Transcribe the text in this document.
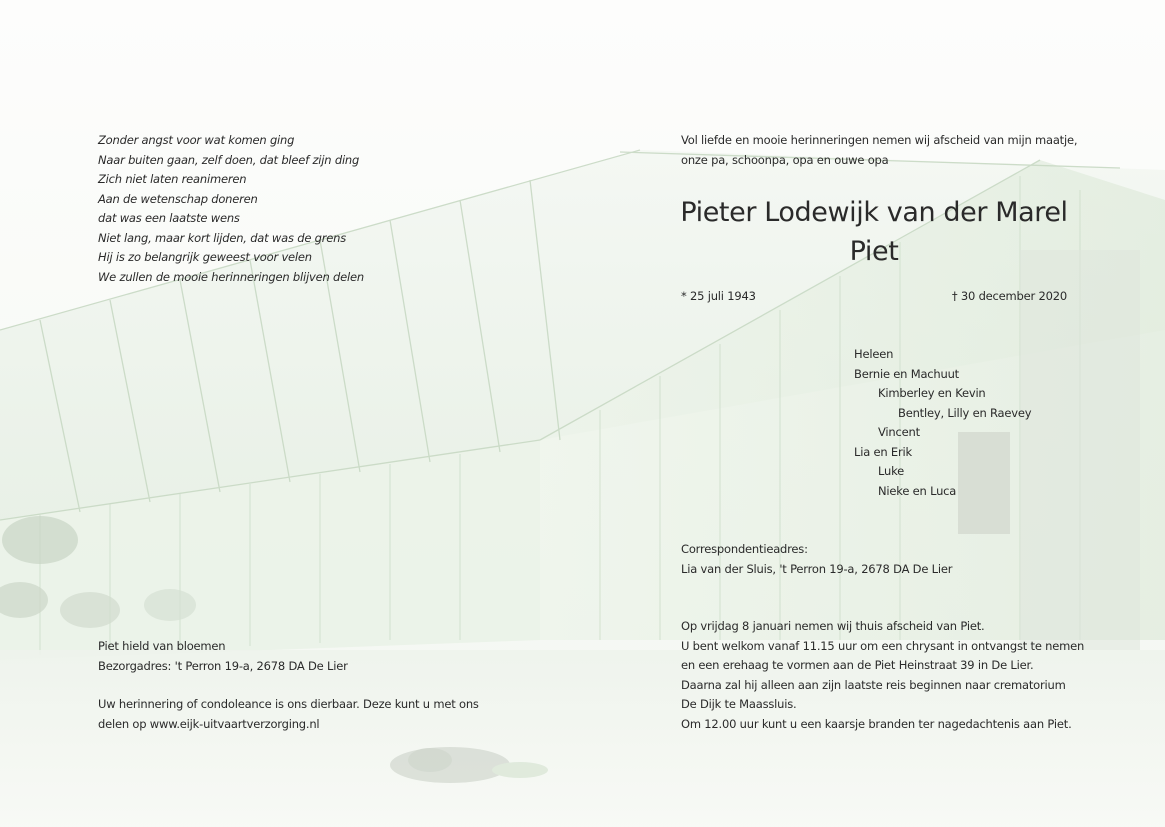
Zonder angst voor wat komen ging
Naar buiten gaan, zelf doen, dat bleef zijn ding
Zich niet laten reanimeren
Aan de wetenschap doneren
dat was een laatste wens
Niet lang, maar kort lijden, dat was de grens
Hij is zo belangrijk geweest voor velen
We zullen de mooie herinneringen blijven delen
Piet hield van bloemen
Bezorgadres: 't Perron 19-a, 2678 DA De Lier
Uw herinnering of condoleance is ons dierbaar. Deze kunt u met ons
delen op www.eijk-uitvaartverzorging.nl
Vol liefde en mooie herinneringen nemen wij afscheid van mijn maatje,
onze pa, schoonpa, opa en ouwe opa
Pieter Lodewijk van der Marel
Piet
* 25 juli 1943	† 30 december 2020
Heleen
Bernie en Machuut
Kimberley en Kevin
Bentley, Lilly en Raevey
Vincent
Lia en Erik
Luke
Nieke en Luca
Correspondentieadres:
Lia van der Sluis, 't Perron 19-a, 2678 DA De Lier
Op vrijdag 8 januari nemen wij thuis afscheid van Piet.
U bent welkom vanaf 11.15 uur om een chrysant in ontvangst te nemen
en een erehaag te vormen aan de Piet Heinstraat 39 in De Lier.
Daarna zal hij alleen aan zijn laatste reis beginnen naar crematorium
De Dijk te Maassluis.
Om 12.00 uur kunt u een kaarsje branden ter nagedachtenis aan Piet.
